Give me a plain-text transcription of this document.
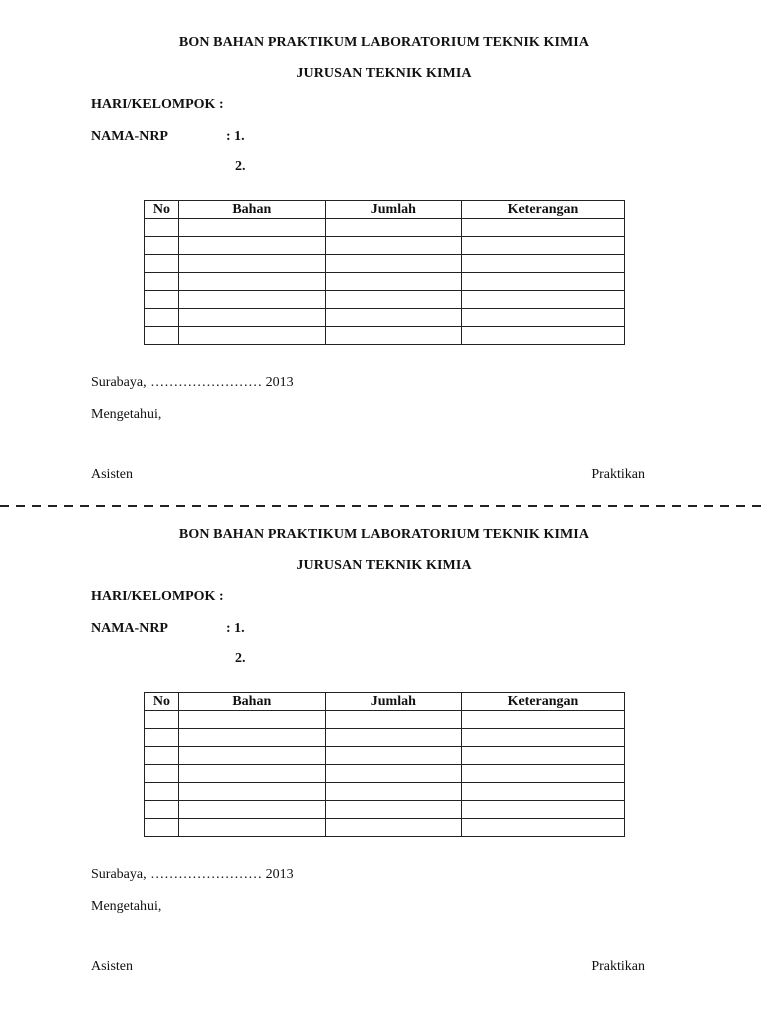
BON BAHAN PRAKTIKUM LABORATORIUM TEKNIK KIMIA
JURUSAN TEKNIK KIMIA
HARI/KELOMPOK :
NAMA-NRP	: 1.
2.
No	Bahan	Jumlah	Keterangan

Surabaya, …………………… 2013
Mengetahui,
Asisten	Praktikan
BON BAHAN PRAKTIKUM LABORATORIUM TEKNIK KIMIA
JURUSAN TEKNIK KIMIA
HARI/KELOMPOK :
NAMA-NRP	: 1.
2.
No	Bahan	Jumlah	Keterangan

Surabaya, …………………… 2013
Mengetahui,
Asisten	Praktikan
